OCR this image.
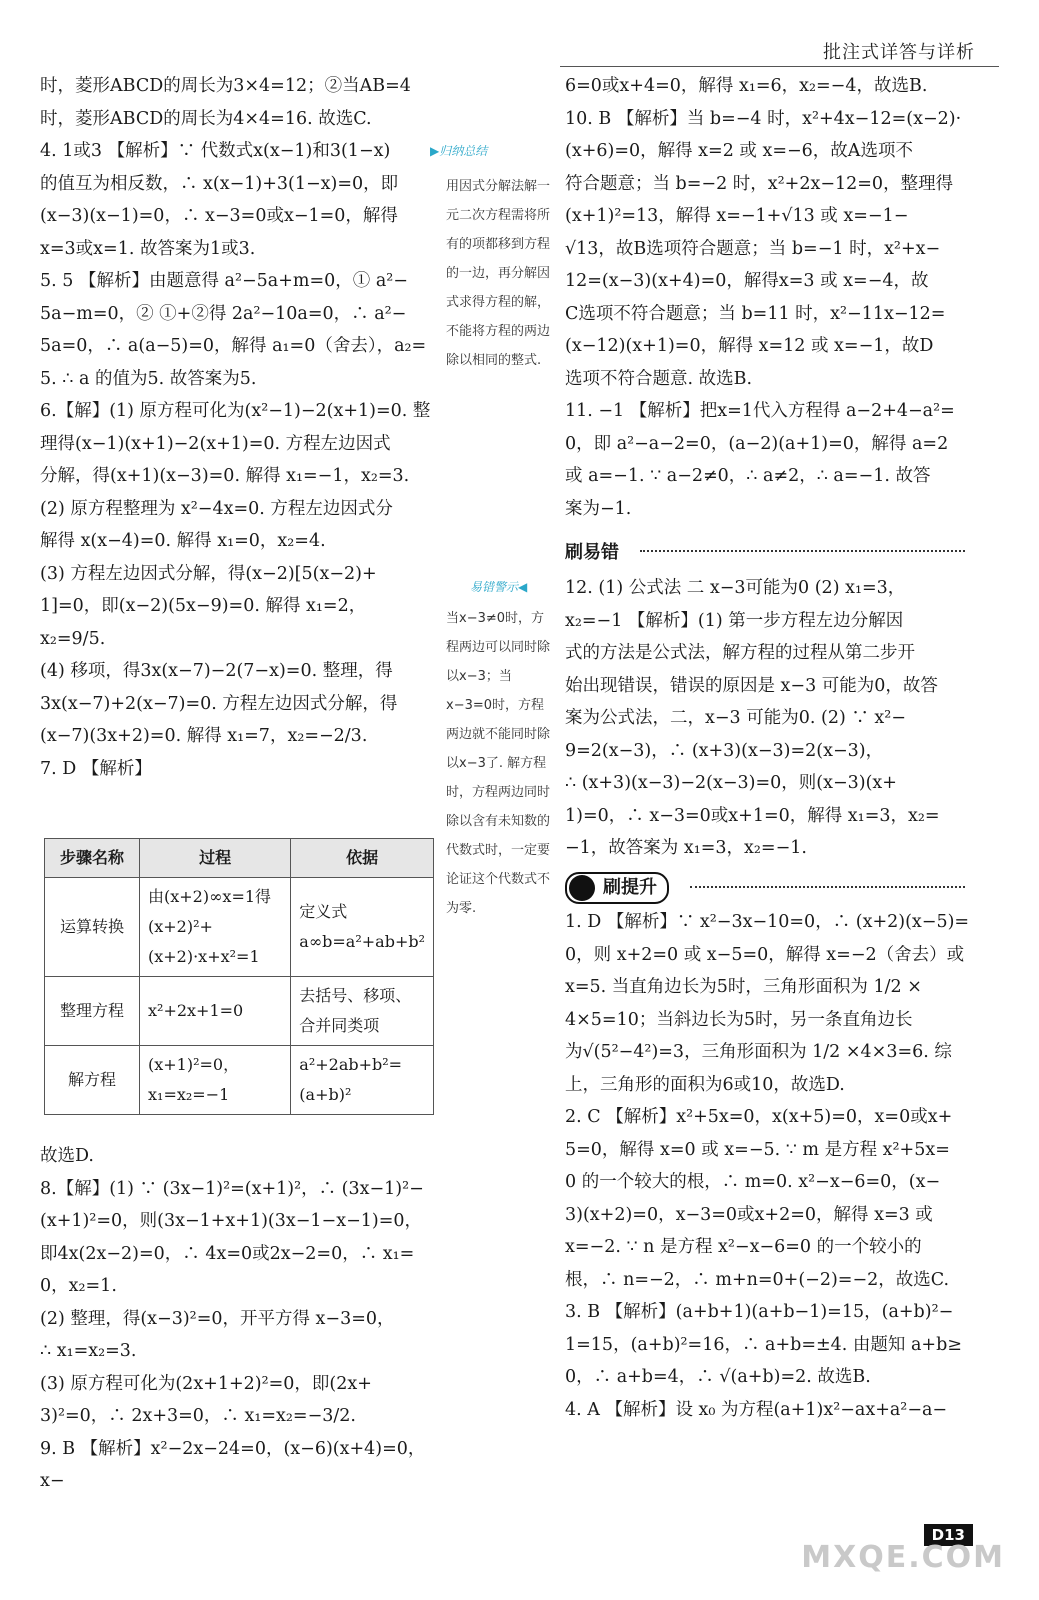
批注式详答与详析

时，菱形ABCD的周长为3×4=12；②当AB=4

时，菱形ABCD的周长为4×4=16. 故选C.

4. 1或3 【解析】∵ 代数式x(x−1)和3(1−x)

的值互为相反数，∴ x(x−1)+3(1−x)=0，即

(x−3)(x−1)=0，∴ x−3=0或x−1=0，解得

x=3或x=1. 故答案为1或3.

5. 5 【解析】由题意得 a²−5a+m=0，① a²−

5a−m=0，② ①+②得 2a²−10a=0，∴ a²−

5a=0，∴ a(a−5)=0，解得 a₁=0（舍去），a₂=

5. ∴ a 的值为5. 故答案为5.

6.【解】(1) 原方程可化为(x²−1)−2(x+1)=0. 整

理得(x−1)(x+1)−2(x+1)=0. 方程左边因式

分解，得(x+1)(x−3)=0. 解得 x₁=−1，x₂=3.

(2) 原方程整理为 x²−4x=0. 方程左边因式分

解得 x(x−4)=0. 解得 x₁=0，x₂=4.

(3) 方程左边因式分解，得(x−2)[5(x−2)+

1]=0，即(x−2)(5x−9)=0. 解得 x₁=2，

x₂=9/5.

(4) 移项，得3x(x−7)−2(7−x)=0. 整理，得

3x(x−7)+2(x−7)=0. 方程左边因式分解，得

(x−7)(3x+2)=0. 解得 x₁=7，x₂=−2/3.

7. D 【解析】

步骤名称	过程	依据
运算转换	由(x+2)∞x=1得 (x+2)²+(x+2)·x+x²=1	定义式 a∞b=a²+ab+b²
整理方程	x²+2x+1=0	去括号、移项、合并同类项
解方程	(x+1)²=0，x₁=x₂=−1	a²+2ab+b²=(a+b)²

故选D.

8.【解】(1) ∵ (3x−1)²=(x+1)²，∴ (3x−1)²−

(x+1)²=0，则(3x−1+x+1)(3x−1−x−1)=0，

即4x(2x−2)=0，∴ 4x=0或2x−2=0，∴ x₁=

0，x₂=1.

(2) 整理，得(x−3)²=0，开平方得 x−3=0，

∴ x₁=x₂=3.

(3) 原方程可化为(2x+1+2)²=0，即(2x+

3)²=0，∴ 2x+3=0，∴ x₁=x₂=−3/2.

9. B 【解析】x²−2x−24=0，(x−6)(x+4)=0，x−

▶归纳总结
用因式分解法解一元二次方程需将所有的项都移到方程的一边，再分解因式求得方程的解，不能将方程的两边除以相同的整式.
易错警示◀
当x−3≠0时，方程两边可以同时除以x−3；当x−3=0时，方程两边就不能同时除以x−3了. 解方程时，方程两边同时除以含有未知数的代数式时，一定要论证这个代数式不为零.

6=0或x+4=0，解得 x₁=6，x₂=−4，故选B.

10. B 【解析】当 b=−4 时，x²+4x−12=(x−2)·

(x+6)=0，解得 x=2 或 x=−6，故A选项不

符合题意；当 b=−2 时，x²+2x−12=0，整理得

(x+1)²=13，解得 x=−1+√13 或 x=−1−

√13，故B选项符合题意；当 b=−1 时，x²+x−

12=(x−3)(x+4)=0，解得x=3 或 x=−4，故

C选项不符合题意；当 b=11 时，x²−11x−12=

(x−12)(x+1)=0，解得 x=12 或 x=−1，故D

选项不符合题意. 故选B.

11. −1 【解析】把x=1代入方程得 a−2+4−a²=

0，即 a²−a−2=0，(a−2)(a+1)=0，解得 a=2

或 a=−1. ∵ a−2≠0，∴ a≠2，∴ a=−1. 故答

案为−1.

刷易错

12. (1) 公式法 二 x−3可能为0 (2) x₁=3，

x₂=−1 【解析】(1) 第一步方程左边分解因

式的方法是公式法，解方程的过程从第二步开

始出现错误，错误的原因是 x−3 可能为0，故答

案为公式法，二，x−3 可能为0. (2) ∵ x²−

9=2(x−3)，∴ (x+3)(x−3)=2(x−3)，

∴ (x+3)(x−3)−2(x−3)=0，则(x−3)(x+

1)=0，∴ x−3=0或x+1=0，解得 x₁=3，x₂=

−1，故答案为 x₁=3，x₂=−1.

刷提升

1. D 【解析】∵ x²−3x−10=0，∴ (x+2)(x−5)=

0，则 x+2=0 或 x−5=0，解得 x=−2（舍去）或

x=5. 当直角边长为5时，三角形面积为 1/2 ×

4×5=10；当斜边长为5时，另一条直角边长

为√(5²−4²)=3，三角形面积为 1/2 ×4×3=6. 综

上，三角形的面积为6或10，故选D.

2. C 【解析】x²+5x=0，x(x+5)=0，x=0或x+

5=0，解得 x=0 或 x=−5. ∵ m 是方程 x²+5x=

0 的一个较大的根，∴ m=0. x²−x−6=0，(x−

3)(x+2)=0，x−3=0或x+2=0，解得 x=3 或

x=−2. ∵ n 是方程 x²−x−6=0 的一个较小的

根，∴ n=−2，∴ m+n=0+(−2)=−2，故选C.

3. B 【解析】(a+b+1)(a+b−1)=15，(a+b)²−

1=15，(a+b)²=16，∴ a+b=±4. 由题知 a+b≥

0，∴ a+b=4，∴ √(a+b)=2. 故选B.

4. A 【解析】设 x₀ 为方程(a+1)x²−ax+a²−a−

D13
MXQE.COM
